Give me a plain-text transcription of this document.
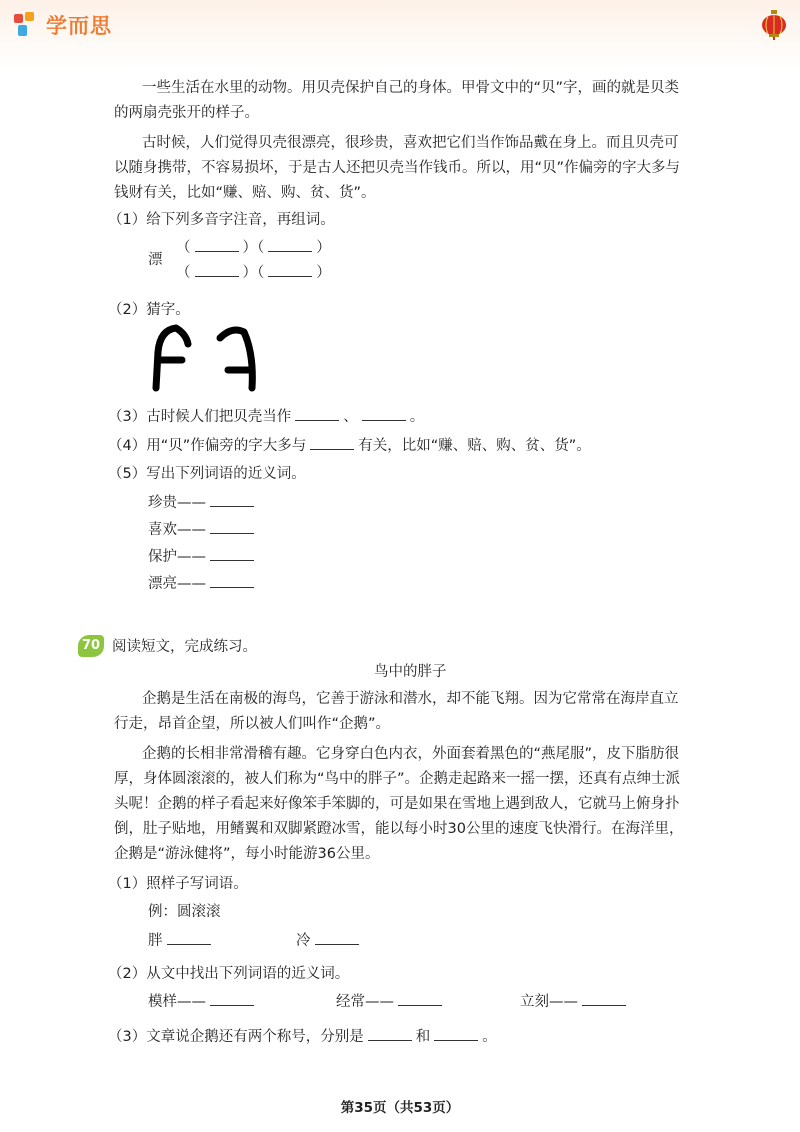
学而思
一些生活在水里的动物。用贝壳保护自己的身体。甲骨文中的“贝”字，画的就是贝类
的两扇壳张开的样子。
古时候，人们觉得贝壳很漂亮，很珍贵，喜欢把它们当作饰品戴在身上。而且贝壳可
以随身携带，不容易损坏，于是古人还把贝壳当作钱币。所以，用“贝”作偏旁的字大多与
钱财有关，比如“赚、赔、购、贫、货”。
（1）给下列多音字注音，再组词。
漂
（	）（	）
（	）（	）
（2）猜字。
（3）古时候人们把贝壳当作	、	。
（4）用“贝”作偏旁的字大多与	有关，比如“赚、赔、购、贫、货”。
（5）写出下列词语的近义词。
珍贵——
喜欢——
保护——
漂亮——
70 阅读短文，完成练习。
鸟中的胖子
企鹅是生活在南极的海鸟，它善于游泳和潜水，却不能飞翔。因为它常常在海岸直立
行走，昂首企望，所以被人们叫作“企鹅”。
企鹅的长相非常滑稽有趣。它身穿白色内衣，外面套着黑色的“燕尾服”，皮下脂肪很
厚，身体圆滚滚的，被人们称为“鸟中的胖子”。企鹅走起路来一摇一摆，还真有点绅士派
头呢！企鹅的样子看起来好像笨手笨脚的，可是如果在雪地上遇到敌人，它就马上俯身扑
倒，肚子贴地，用鳍翼和双脚紧蹬冰雪，能以每小时30公里的速度飞快滑行。在海洋里，
企鹅是“游泳健将”，每小时能游36公里。
（1）照样子写词语。
例：圆滚滚
胖	冷
（2）从文中找出下列词语的近义词。
模样——	经常——	立刻——
（3）文章说企鹅还有两个称号，分别是	和	。
第35页（共53页）
